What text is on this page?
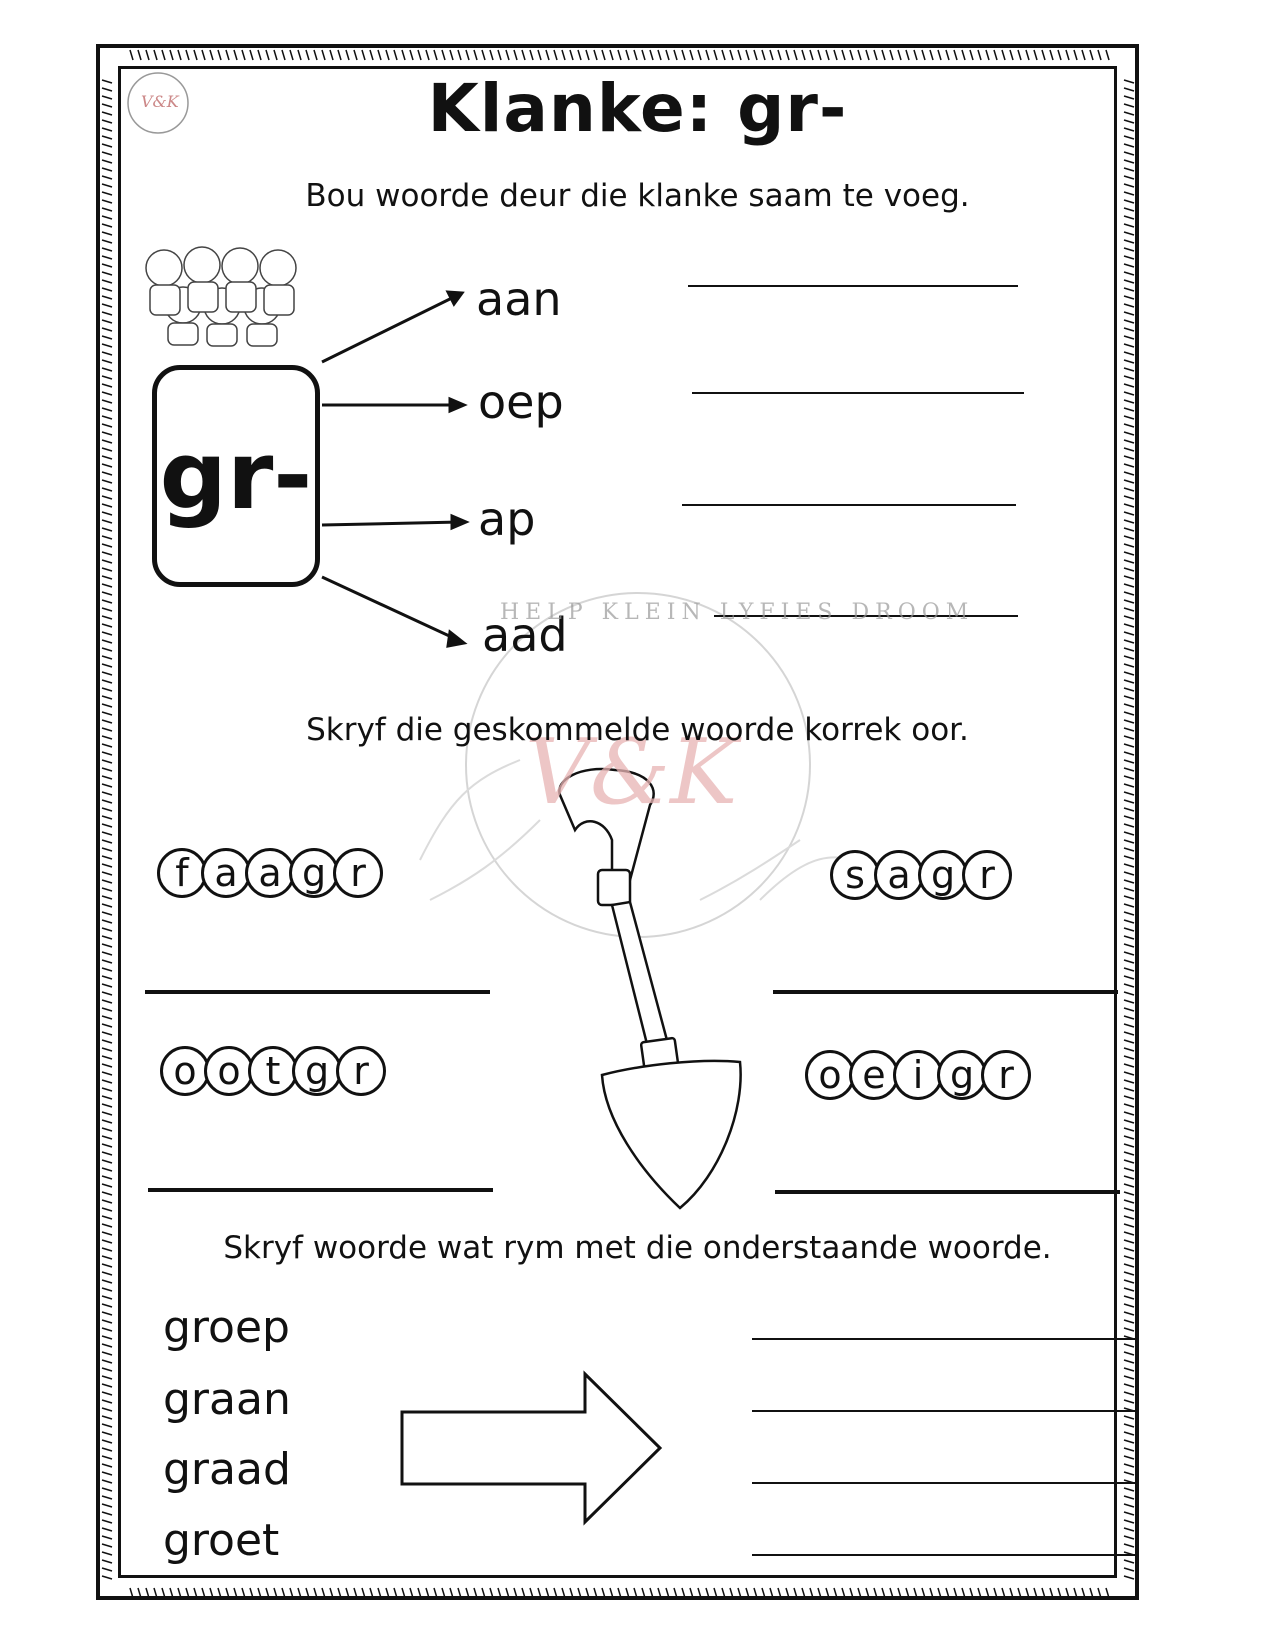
Klanke: gr-
Bou woorde deur die klanke saam te voeg.
gr-
aan
oep
ap
aad
HELP KLEIN LYFIES DROOM
V&K
V&K
Skryf die geskommelde woorde korrek oor.
f a a g r	s a g r
o o t g r	o e i g r
Skryf woorde wat rym met die onderstaande woorde.
groep
graan
graad
groet
